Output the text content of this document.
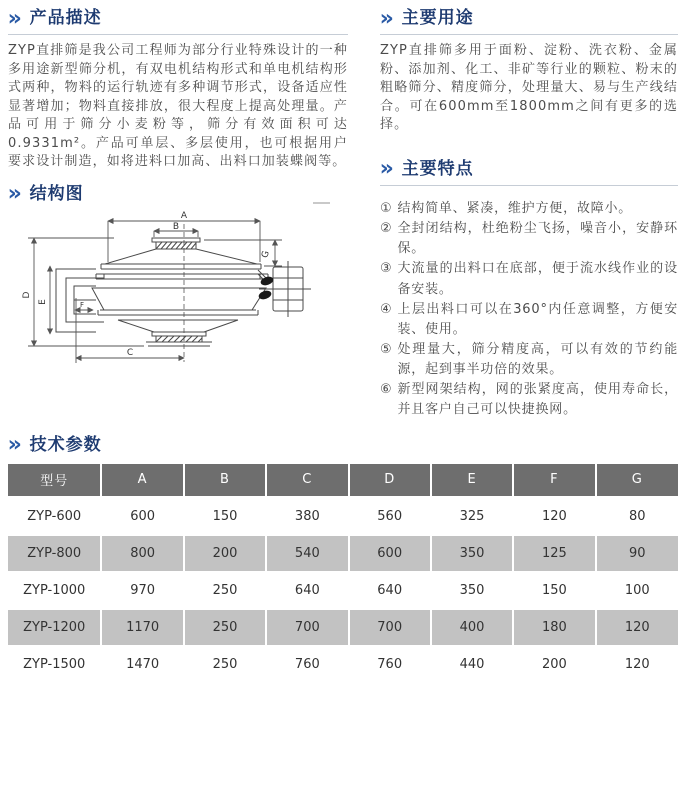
» 产品描述

ZYP直排筛是我公司工程师为部分行业特殊设计的一种多用途新型筛分机，有双电机结构形式和单电机结构形式两种，物料的运行轨迹有多种调节形式，设备适应性显著增加；物料直接排放，很大程度上提高处理量。产品可用于筛分小麦粉等，筛分有效面积可达0.9331m²。产品可单层、多层使用，也可根据用户要求设计制造，如将进料口加高、出料口加装蝶阀等。

» 结构图
A
B
C
D
E	F
G
» 主要用途

ZYP直排筛多用于面粉、淀粉、洗衣粉、金属粉、添加剂、化工、非矿等行业的颗粒、粉末的粗略筛分、精度筛分，处理量大、易与生产线结合。可在600mm至1800mm之间有更多的选择。

» 主要特点
① 结构简单、紧凑，维护方便，故障小。
② 全封闭结构，杜绝粉尘飞扬，噪音小，安静环保。
③ 大流量的出料口在底部，便于流水线作业的设备安装。
④ 上层出料口可以在360°内任意调整，方便安装、使用。
⑤ 处理量大，筛分精度高，可以有效的节约能源，起到事半功倍的效果。
⑥ 新型网架结构，网的张紧度高，使用寿命长，并且客户自己可以快捷换网。
» 技术参数
型号	A	B	C	D	E	F	G
ZYP-600	600	150	380	560	325	120	80
ZYP-800	800	200	540	600	350	125	90
ZYP-1000	970	250	640	640	350	150	100
ZYP-1200	1170	250	700	700	400	180	120
ZYP-1500	1470	250	760	760	440	200	120
